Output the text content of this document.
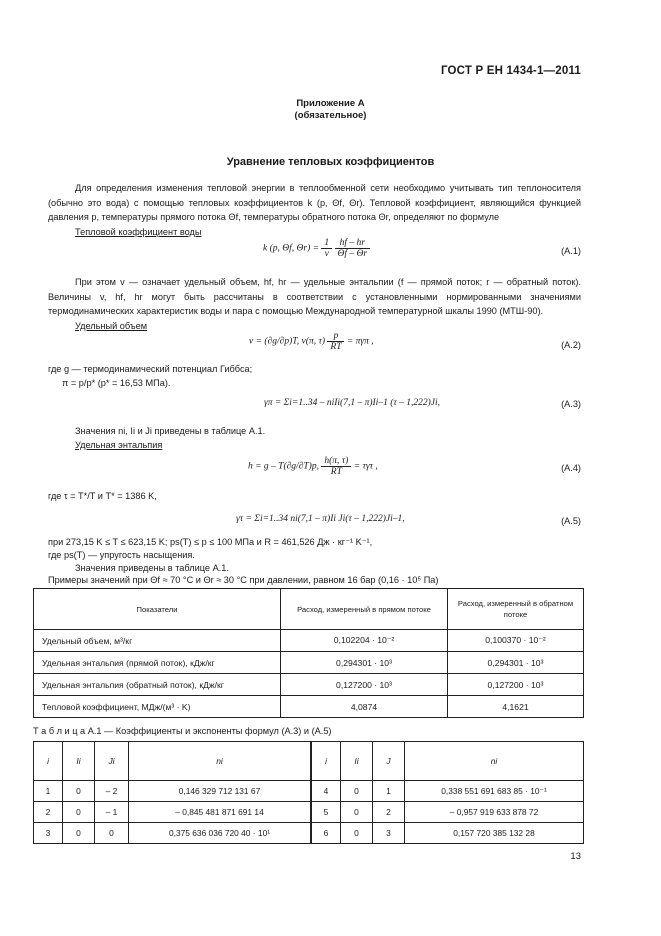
ГОСТ Р ЕН 1434-1—2011
Приложение А
(обязательное)
Уравнение тепловых коэффициентов

Для определения изменения тепловой энергии в теплообменной сети необходимо учитывать тип теплоносителя (обычно это вода) с помощью тепловых коэффициентов k (p, Θf, Θr). Тепловой коэффициент, являющийся функцией давления p, температуры прямого потока Θf, температуры обратного потока Θr, определяют по формуле

Тепловой коэффициент воды

k (p, Θf, $\Theta r) = \frac{1}{v}$
$\frac{hf - hr}{\Theta f - \Theta r}$	(A.1)

При этом v — означает удельный объем, hf, hr — удельные энтальпии (f — прямой поток; r — обратный поток). Величины v, hf, hr могут быть рассчитаны в соответствии с установленными нормированными значениями термодинамических характеристик воды и пара с помощью Международной температурной шкалы 1990 (МТШ-90).

Удельный объем

v = (∂g/∂p)T, v(π, $\tau) \frac{p}{RT} = \pi\gamma\pi$ ,	(A.2)
где g — термодинамический потенциал Гиббса;
π = p/p* (p* = 16,53 МПа).
γπ = Σi=1..34 – niIi(7,1 – π)Ii–1 (τ – 1,222)Ji,	(A.3)
Значения ni, Ii и Ji приведены в таблице А.1.
Удельная энтальпия
h = g – T(∂g/∂T)p, $\frac{h(\pi, \tau)}{RT} = \tau\gamma\tau$ ,	(A.4)
где τ = T*/T и T* = 1386 K,
γτ = Σi=1..34 ni(7,1 – π)Ii Ji(τ – 1,222)Ji–1,	(A.5)
при 273,15 K ≤ T ≤ 623,15 K; ps(T) ≤ p ≤ 100 МПа и R = 461,526 Дж · кг⁻¹ K⁻¹,
где ps(T) — упругость насыщения.
Значения приведены в таблице А.1.
Примеры значений при Θf ≈ 70 °C и Θr ≈ 30 °C при давлении, равном 16 бар (0,16 · 10⁵ Па)
Показатели	Расход, измеренный в прямом потоке	Расход, измеренный в обратном потоке
Удельный объем, м³/кг	0,102204 · 10⁻²	0,100370 · 10⁻²
Удельная энтальпия (прямой поток), кДж/кг	0,294301 · 10³	0,294301 · 10³
Удельная энтальпия (обратный поток), кДж/кг	0,127200 · 10³	0,127200 · 10³
Тепловой коэффициент, МДж/(м³ · K)	4,0874	4,1621
Т а б л и ц а А.1 — Коэффициенты и экспоненты формул (А.3) и (А.5)
i	Ii	Ji	ni	i	Ii	J	ni
1	0	– 2	0,146 329 712 131 67	4	0	1	0,338 551 691 683 85 · 10⁻¹
2	0	– 1	– 0,845 481 871 691 14	5	0	2	– 0,957 919 633 878 72
3	0	0	0,375 636 036 720 40 · 10¹	6	0	3	0,157 720 385 132 28
13
